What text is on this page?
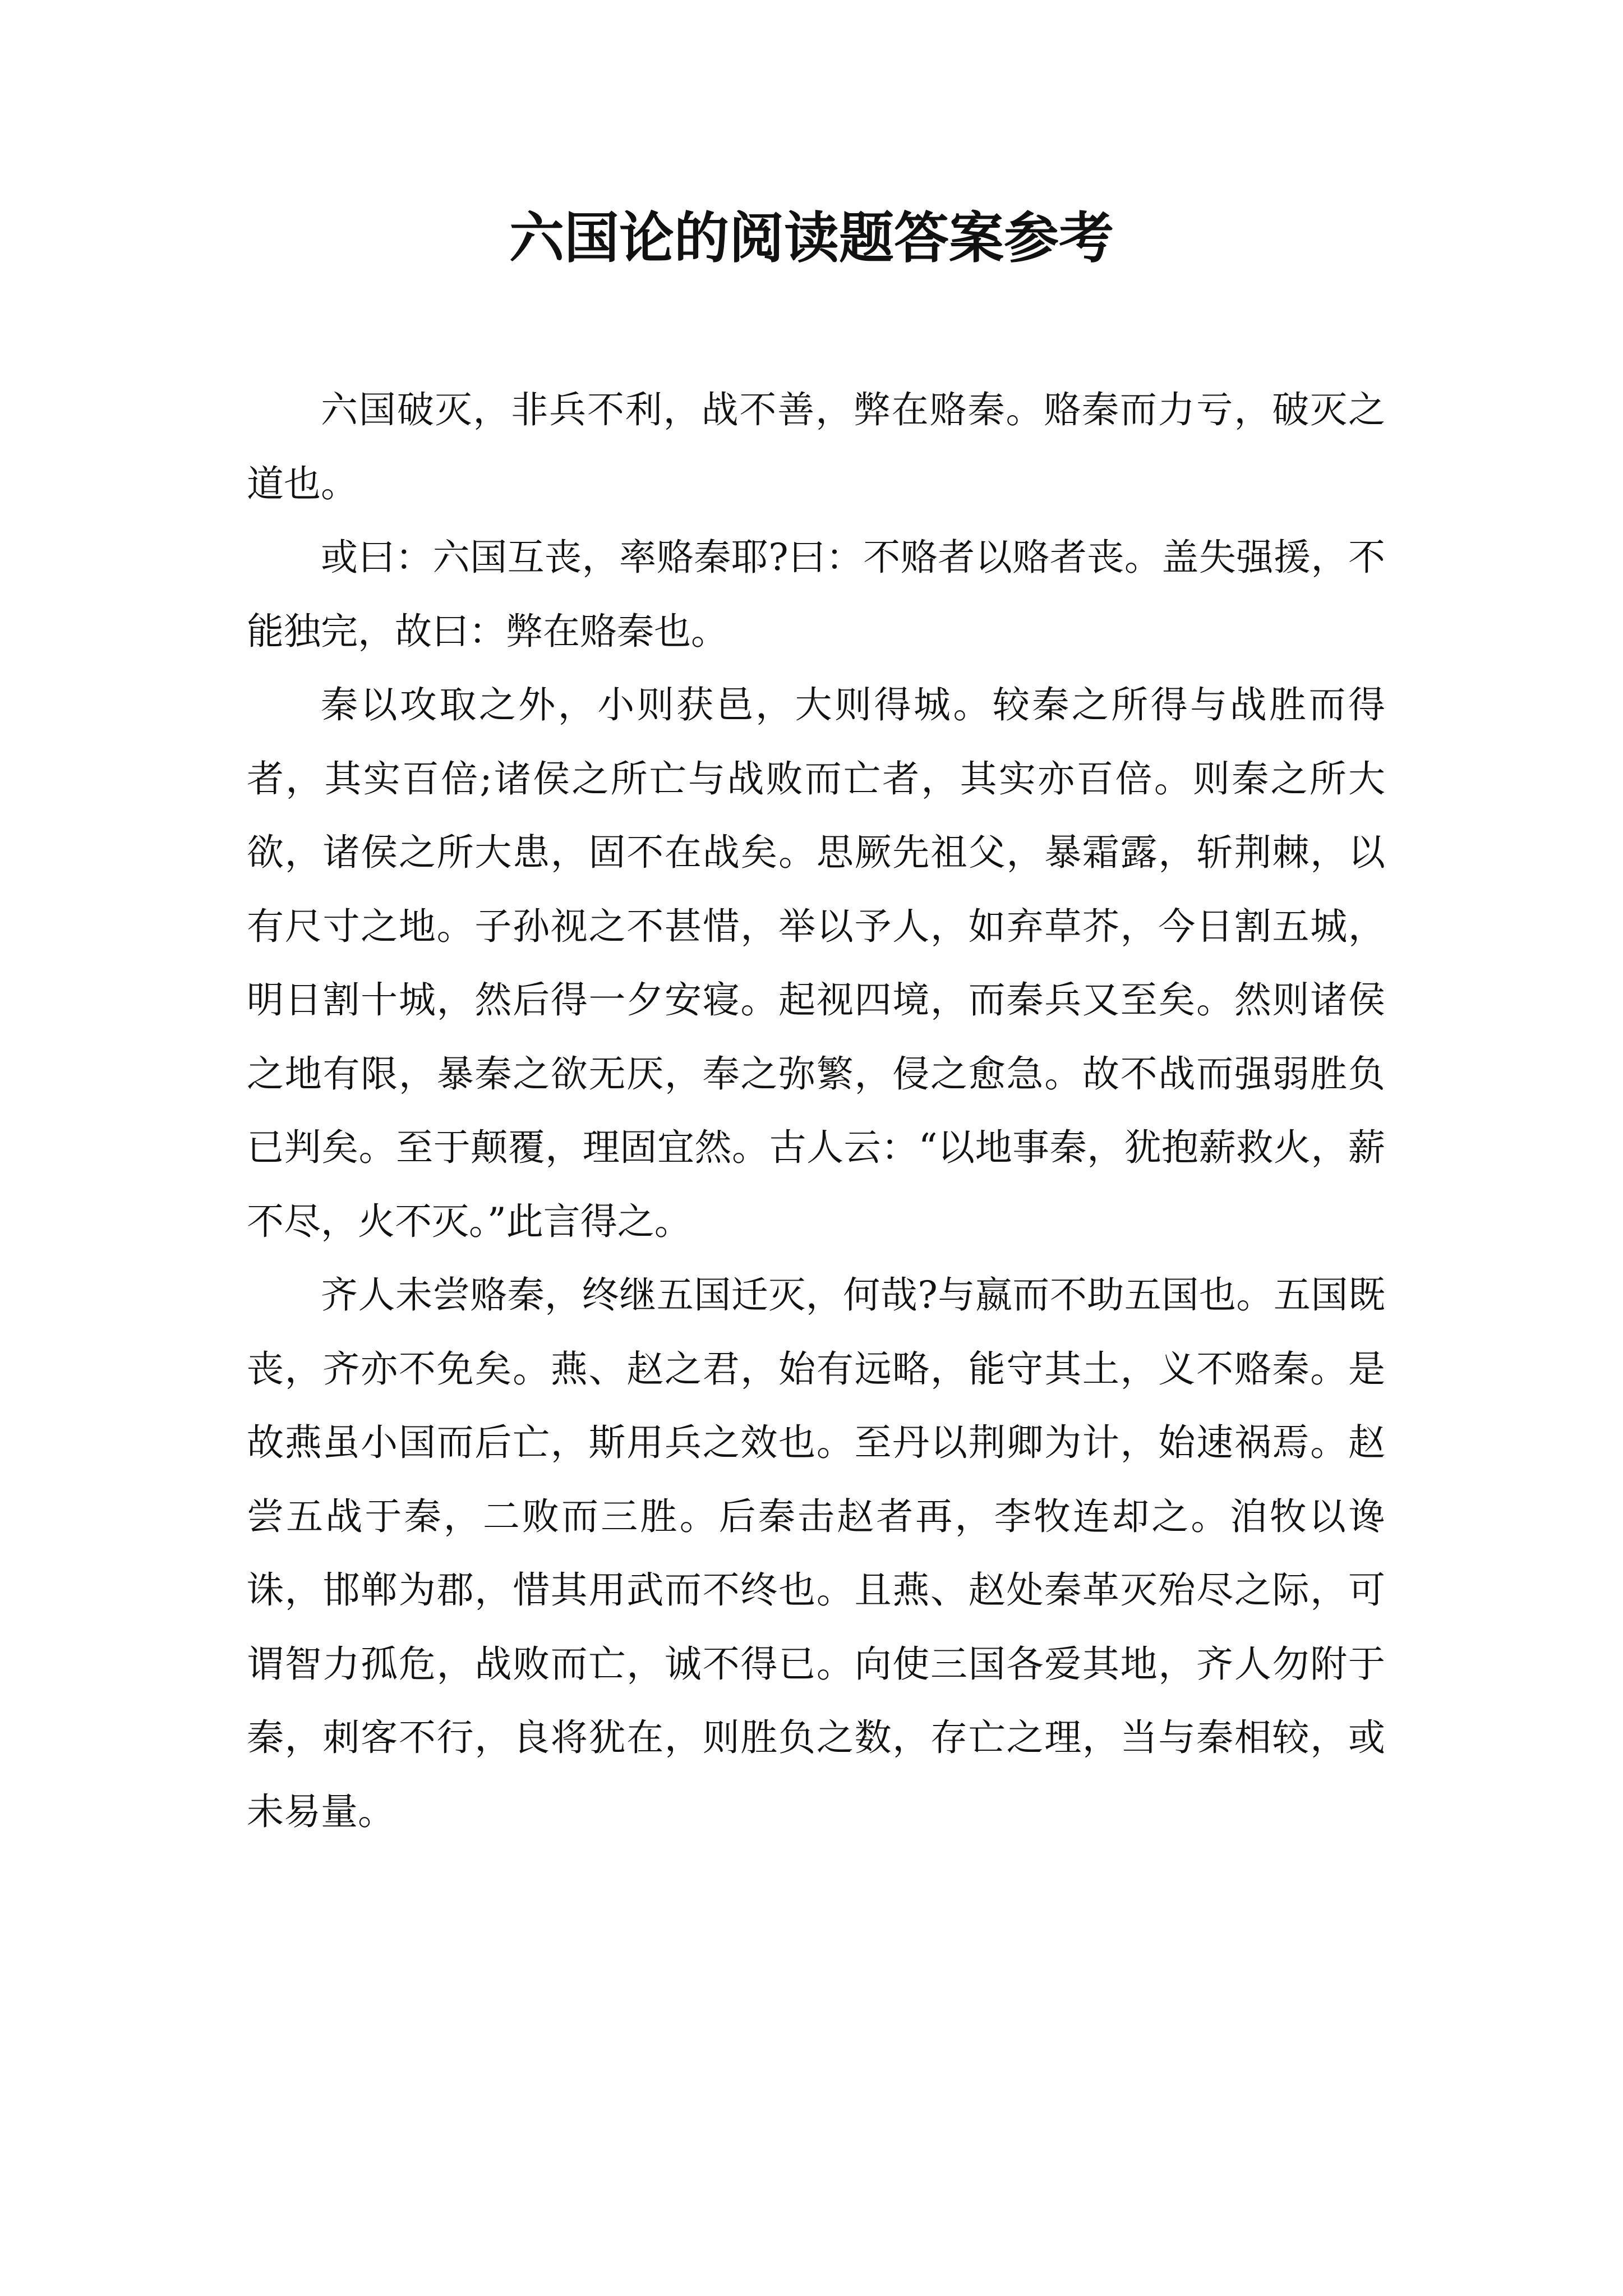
六国论的阅读题答案参考

六国破灭，非兵不利，战不善，弊在赂秦。赂秦而力亏，破灭之道也。

或曰：六国互丧，率赂秦耶?曰：不赂者以赂者丧。盖失强援，不能独完，故曰：弊在赂秦也。

秦以攻取之外，小则获邑，大则得城。较秦之所得与战胜而得者，其实百倍;诸侯之所亡与战败而亡者，其实亦百倍。则秦之所大欲，诸侯之所大患，固不在战矣。思厥先祖父，暴霜露，斩荆棘，以有尺寸之地。子孙视之不甚惜，举以予人，如弃草芥，今日割五城，明日割十城，然后得一夕安寝。起视四境，而秦兵又至矣。然则诸侯之地有限，暴秦之欲无厌，奉之弥繁，侵之愈急。故不战而强弱胜负已判矣。至于颠覆，理固宜然。古人云：“以地事秦，犹抱薪救火，薪不尽，火不灭。”此言得之。

齐人未尝赂秦，终继五国迁灭，何哉?与嬴而不助五国也。五国既丧，齐亦不免矣。燕、赵之君，始有远略，能守其土，义不赂秦。是故燕虽小国而后亡，斯用兵之效也。至丹以荆卿为计，始速祸焉。赵尝五战于秦，二败而三胜。后秦击赵者再，李牧连却之。洎牧以谗诛，邯郸为郡，惜其用武而不终也。且燕、赵处秦革灭殆尽之际，可谓智力孤危，战败而亡，诚不得已。向使三国各爱其地，齐人勿附于秦，刺客不行，良将犹在，则胜负之数，存亡之理，当与秦相较，或未易量。
